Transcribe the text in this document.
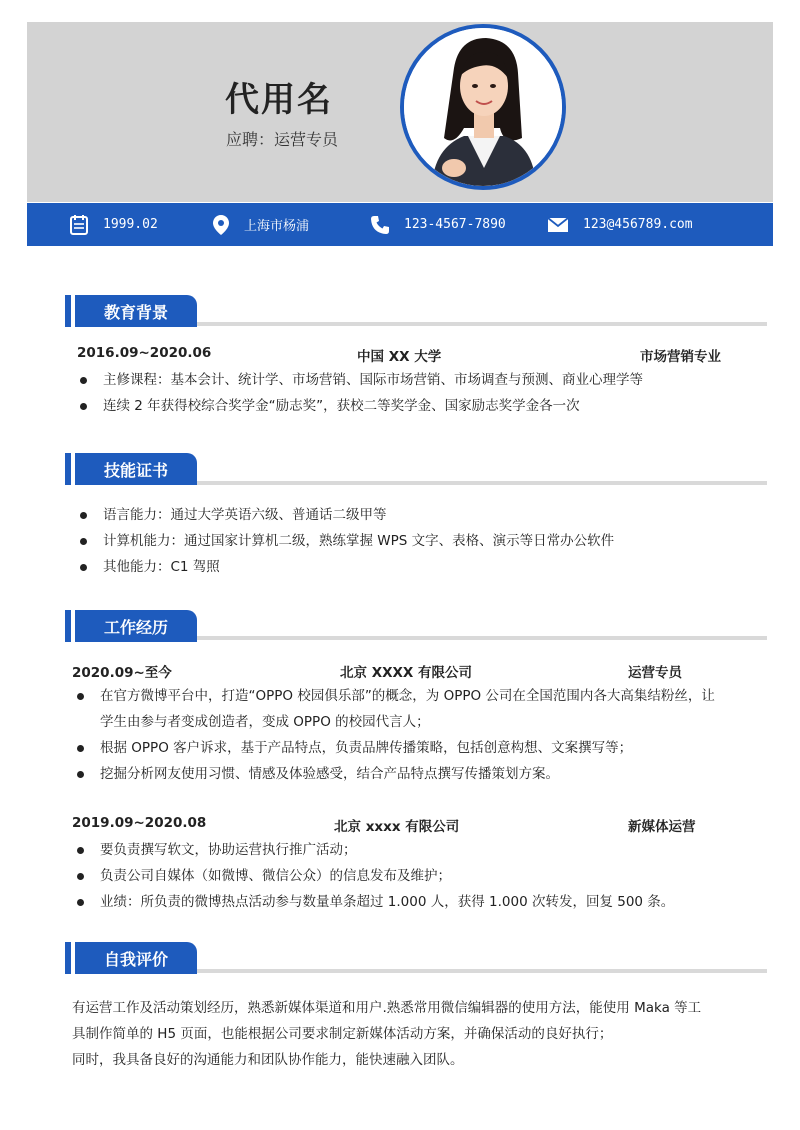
代用名
应聘：运营专员
1999.02	上海市杨浦	123-4567-7890	123@456789.com
教育背景
2016.09~2020.06	中国 XX 大学	市场营销专业
主修课程：基本会计、统计学、市场营销、国际市场营销、市场调查与预测、商业心理学等
连续 2 年获得校综合奖学金“励志奖”，获校二等奖学金、国家励志奖学金各一次
技能证书
语言能力：通过大学英语六级、普通话二级甲等
计算机能力：通过国家计算机二级，熟练掌握 WPS 文字、表格、演示等日常办公软件
其他能力：C1 驾照
工作经历
2020.09~至今	北京 XXXX 有限公司	运营专员
在官方微博平台中，打造“OPPO 校园俱乐部”的概念，为 OPPO 公司在全国范围内各大高集结粉丝，让
学生由参与者变成创造者，变成 OPPO 的校园代言人；
根据 OPPO 客户诉求，基于产品特点，负责品牌传播策略，包括创意构想、文案撰写等；
挖掘分析网友使用习惯、情感及体验感受，结合产品特点撰写传播策划方案。
2019.09~2020.08	北京 xxxx 有限公司	新媒体运营
要负责撰写软文，协助运营执行推广活动；
负责公司自媒体（如微博、微信公众）的信息发布及维护；
业绩：所负责的微博热点活动参与数量单条超过 1.000 人，获得 1.000 次转发，回复 500 条。
自我评价
有运营工作及活动策划经历，熟悉新媒体渠道和用户.熟悉常用微信编辑器的使用方法，能使用 Maka 等工
具制作简单的 H5 页面，也能根据公司要求制定新媒体活动方案，并确保活动的良好执行；
同时，我具备良好的沟通能力和团队协作能力，能快速融入团队。
